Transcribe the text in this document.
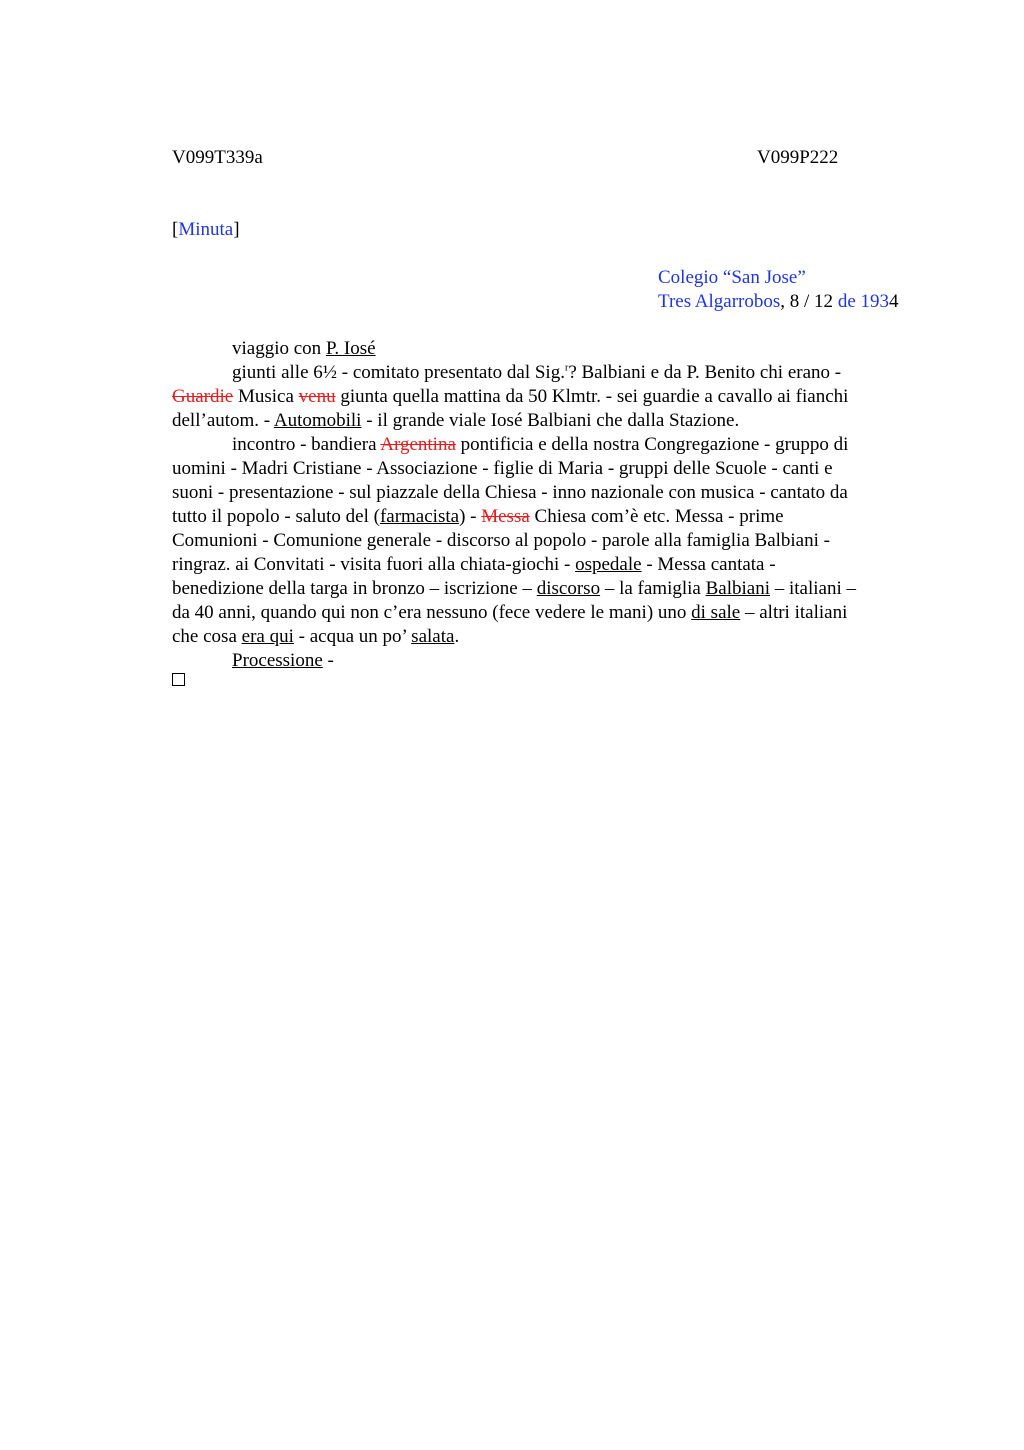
V099T339a	V099P222
[Minuta]
Colegio “San Jose”
Tres Algarrobos, 8 / 12 de 1934
viaggio con P. Iosé
giunti alle 6½ - comitato presentato dal Sig.$^r$? Balbiani e da P. Benito chi erano -
Guardie Musica venu giunta quella mattina da 50 Klmtr. - sei guardie a cavallo ai fianchi
dell’autom. - Automobili - il grande viale Iosé Balbiani che dalla Stazione.
incontro - bandiera Argentina pontificia e della nostra Congregazione - gruppo di
uomini - Madri Cristiane - Associazione - figlie di Maria - gruppi delle Scuole - canti e
suoni - presentazione - sul piazzale della Chiesa - inno nazionale con musica - cantato da
tutto il popolo - saluto del (farmacista) - Messa Chiesa com’è etc. Messa - prime
Comunioni - Comunione generale - discorso al popolo - parole alla famiglia Balbiani -
ringraz. ai Convitati - visita fuori alla chiata-giochi - ospedale - Messa cantata -
benedizione della targa in bronzo – iscrizione – discorso – la famiglia Balbiani – italiani –
da 40 anni, quando qui non c’era nessuno (fece vedere le mani) uno di sale – altri italiani
che cosa era qui - acqua un po’ salata.
Processione -
